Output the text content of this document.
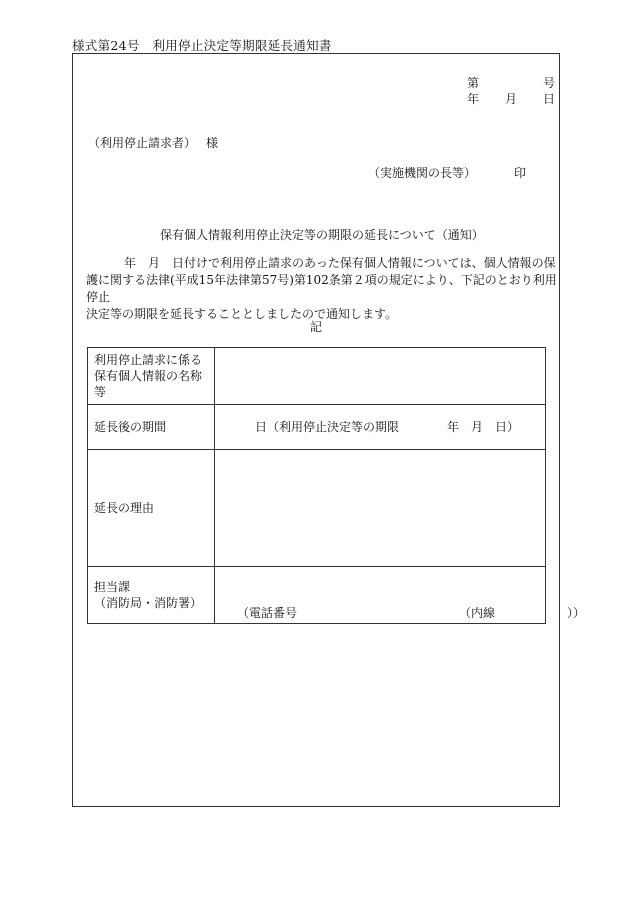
様式第24号　利用停止決定等期限延長通知書
第	号
年 月 日
（利用停止請求者） 様
（実施機関の長等）	印
保有個人情報利用停止決定等の期限の延長について（通知）
年　月　日付けで利用停止請求のあった保有個人情報については、個人情報の保
護に関する法律(平成15年法律第57号)第102条第２項の規定により、下記のとおり利用停止
決定等の期限を延長することとしましたので通知します。
記
利用停止請求に係る保有個人情報の名称等	
延長後の期間	日（利用停止決定等の期限　　　　年　月　日）

延長の理由	
担当課
（消防局・消防署）	（電話番号　　　　　　　　　　　　　　（内線　　　　　　））
